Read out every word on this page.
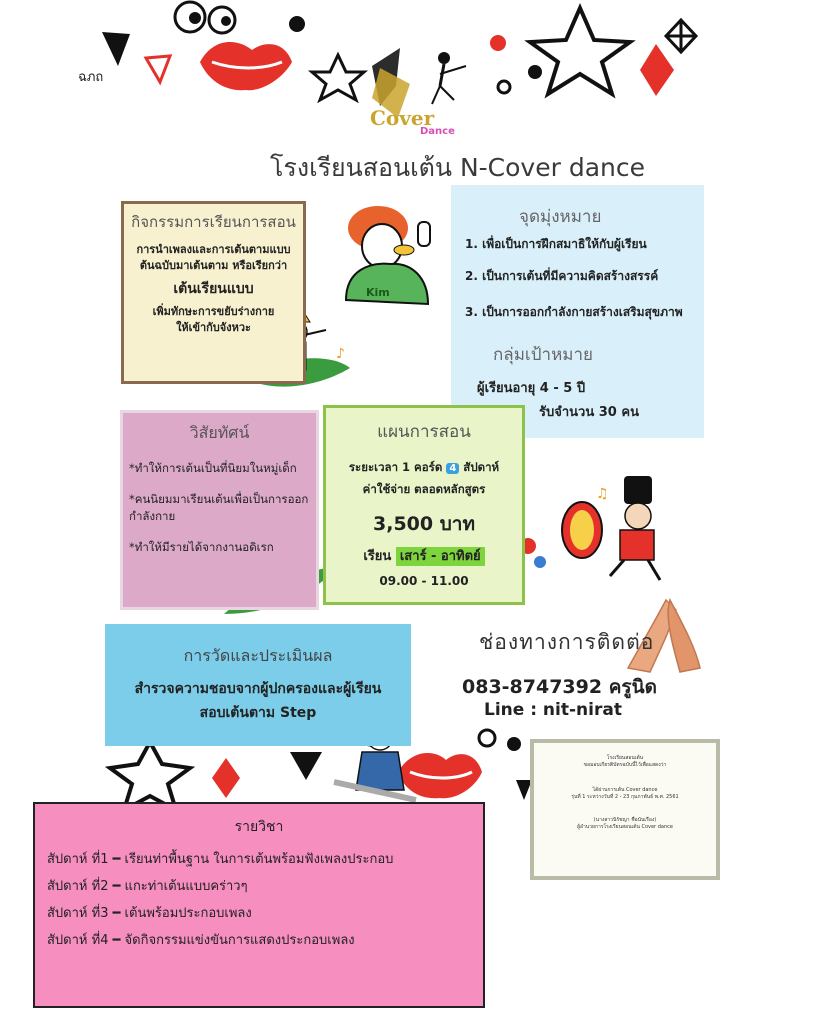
♪
♫
ฉภถ
Cover
Dance
โรงเรียนสอนเต้น N-Cover dance
กิจกรรมการเรียนการสอน
การนำเพลงและการเต้นตามแบบ
ต้นฉบับมาเต้นตาม หรือเรียกว่า
เต้นเรียนแบบ
เพิ่มทักษะการขยับร่างกาย
ให้เข้ากับจังหวะ
จุดมุ่งหมาย
1. เพื่อเป็นการฝึกสมาธิให้กับผู้เรียน
2. เป็นการเต้นที่มีความคิดสร้างสรรค์
3. เป็นการออกกำลังกายสร้างเสริมสุขภาพ
กลุ่มเป้าหมาย
ผู้เรียนอายุ 4 - 5 ปี
รับจำนวน 30 คน
วิสัยทัศน์
*ทำให้การเต้นเป็นที่นิยมในหมู่เด็ก
*คนนิยมมาเรียนเต้นเพื่อเป็นการออกกำลังกาย
*ทำให้มีรายได้จากงานอดิเรก
แผนการสอน
ระยะเวลา 1 คอร์ด 4 สัปดาห์
ค่าใช้จ่าย ตลอดหลักสูตร
3,500 บาท
เรียน เสาร์ - อาทิตย์
09.00 - 11.00
การวัดและประเมินผล
สำรวจความชอบจากผู้ปกครองและผู้เรียน
สอบเต้นตาม Step
ช่องทางการติดต่อ
083-8747392 ครูนิด
Line : nit-nirat
Kim
โรงเรียนสอนเต้น
ขอมอบเกียรติบัตรฉบับนี้ไว้เพื่อแสดงว่า
ได้ผ่านการเต้น Cover dance
รุ่นที่ 1 ระหว่างวันที่ 2 - 23 กุมภาพันธ์ พ.ศ. 2561
(นางสาวนิรัชญา ชื่อนันเรือง)
ผู้อำนวยการโรงเรียนสอนเต้น Cover dance
รายวิชา
สัปดาห์ ที่1 ━ เรียนท่าพื้นฐาน ในการเต้นพร้อมฟังเพลงประกอบ
สัปดาห์ ที่2 ━ แกะท่าเต้นแบบคร่าวๆ
สัปดาห์ ที่3 ━ เต้นพร้อมประกอบเพลง
สัปดาห์ ที่4 ━ จัดกิจกรรมแข่งขันการแสดงประกอบเพลง
